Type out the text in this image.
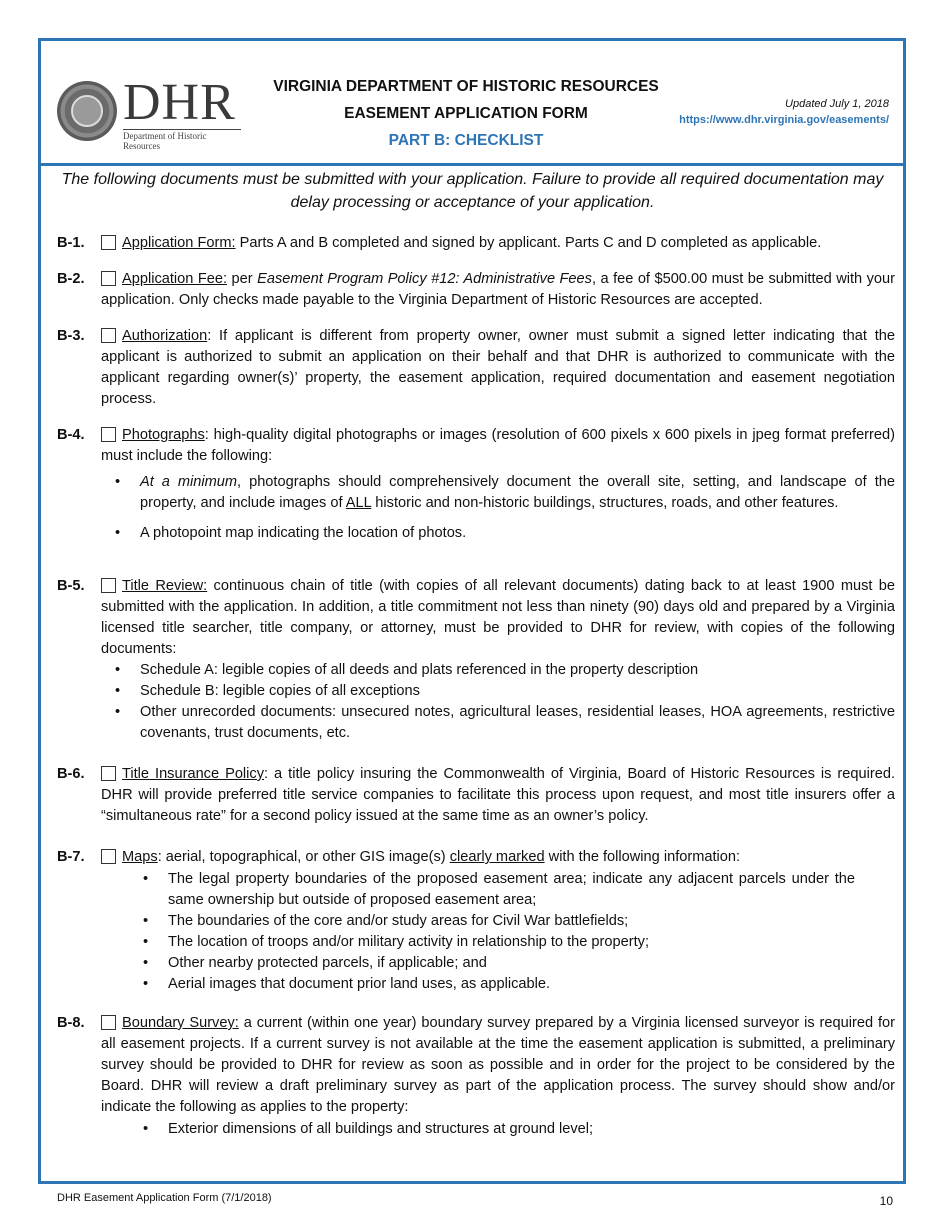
DHR
Department of Historic Resources
VIRGINIA DEPARTMENT OF HISTORIC RESOURCES
EASEMENT APPLICATION FORM
PART B: CHECKLIST
Updated July 1, 2018
https://www.dhr.virginia.gov/easements/
The following documents must be submitted with your application. Failure to provide all required documentation may delay processing or acceptance of your application.
B-1.	Application Form: Parts A and B completed and signed by applicant. Parts C and D completed as applicable.

B-2.	Application Fee: per Easement Program Policy #12: Administrative Fees, a fee of $500.00 must be submitted with your application. Only checks made payable to the Virginia Department of Historic Resources are accepted.

B-3.	Authorization: If applicant is different from property owner, owner must submit a signed letter indicating that the applicant is authorized to submit an application on their behalf and that DHR is authorized to communicate with the applicant regarding owner(s)’ property, the easement application, required documentation and easement negotiation process.

B-4.	Photographs: high-quality digital photographs or images (resolution of 600 pixels x 600 pixels in jpeg format preferred) must include the following:

• At a minimum, photographs should comprehensively document the overall site, setting, and landscape of the property, and include images of ALL historic and non-historic buildings, structures, roads, and other features.
• A photopoint map indicating the location of photos.
B-5.	Title Review: continuous chain of title (with copies of all relevant documents) dating back to at least 1900 must be submitted with the application. In addition, a title commitment not less than ninety (90) days old and prepared by a Virginia licensed title searcher, title company, or attorney, must be provided to DHR for review, with copies of the following documents:

• Schedule A: legible copies of all deeds and plats referenced in the property description
• Schedule B: legible copies of all exceptions
• Other unrecorded documents: unsecured notes, agricultural leases, residential leases, HOA agreements, restrictive covenants, trust documents, etc.
B-6.	Title Insurance Policy: a title policy insuring the Commonwealth of Virginia, Board of Historic Resources is required. DHR will provide preferred title service companies to facilitate this process upon request, and most title insurers offer a “simultaneous rate” for a second policy issued at the same time as an owner’s policy.

B-7.	Maps: aerial, topographical, or other GIS image(s) clearly marked with the following information:

• The legal property boundaries of the proposed easement area; indicate any adjacent parcels under the same ownership but outside of proposed easement area;
• The boundaries of the core and/or study areas for Civil War battlefields;
• The location of troops and/or military activity in relationship to the property;
• Other nearby protected parcels, if applicable; and
• Aerial images that document prior land uses, as applicable.
B-8.	Boundary Survey: a current (within one year) boundary survey prepared by a Virginia licensed surveyor is required for all easement projects. If a current survey is not available at the time the easement application is submitted, a preliminary survey should be provided to DHR for review as soon as possible and in order for the project to be considered by the Board. DHR will review a draft preliminary survey as part of the application process. The survey should show and/or indicate the following as applies to the property:

• Exterior dimensions of all buildings and structures at ground level;
DHR Easement Application Form (7/1/2018)	10
